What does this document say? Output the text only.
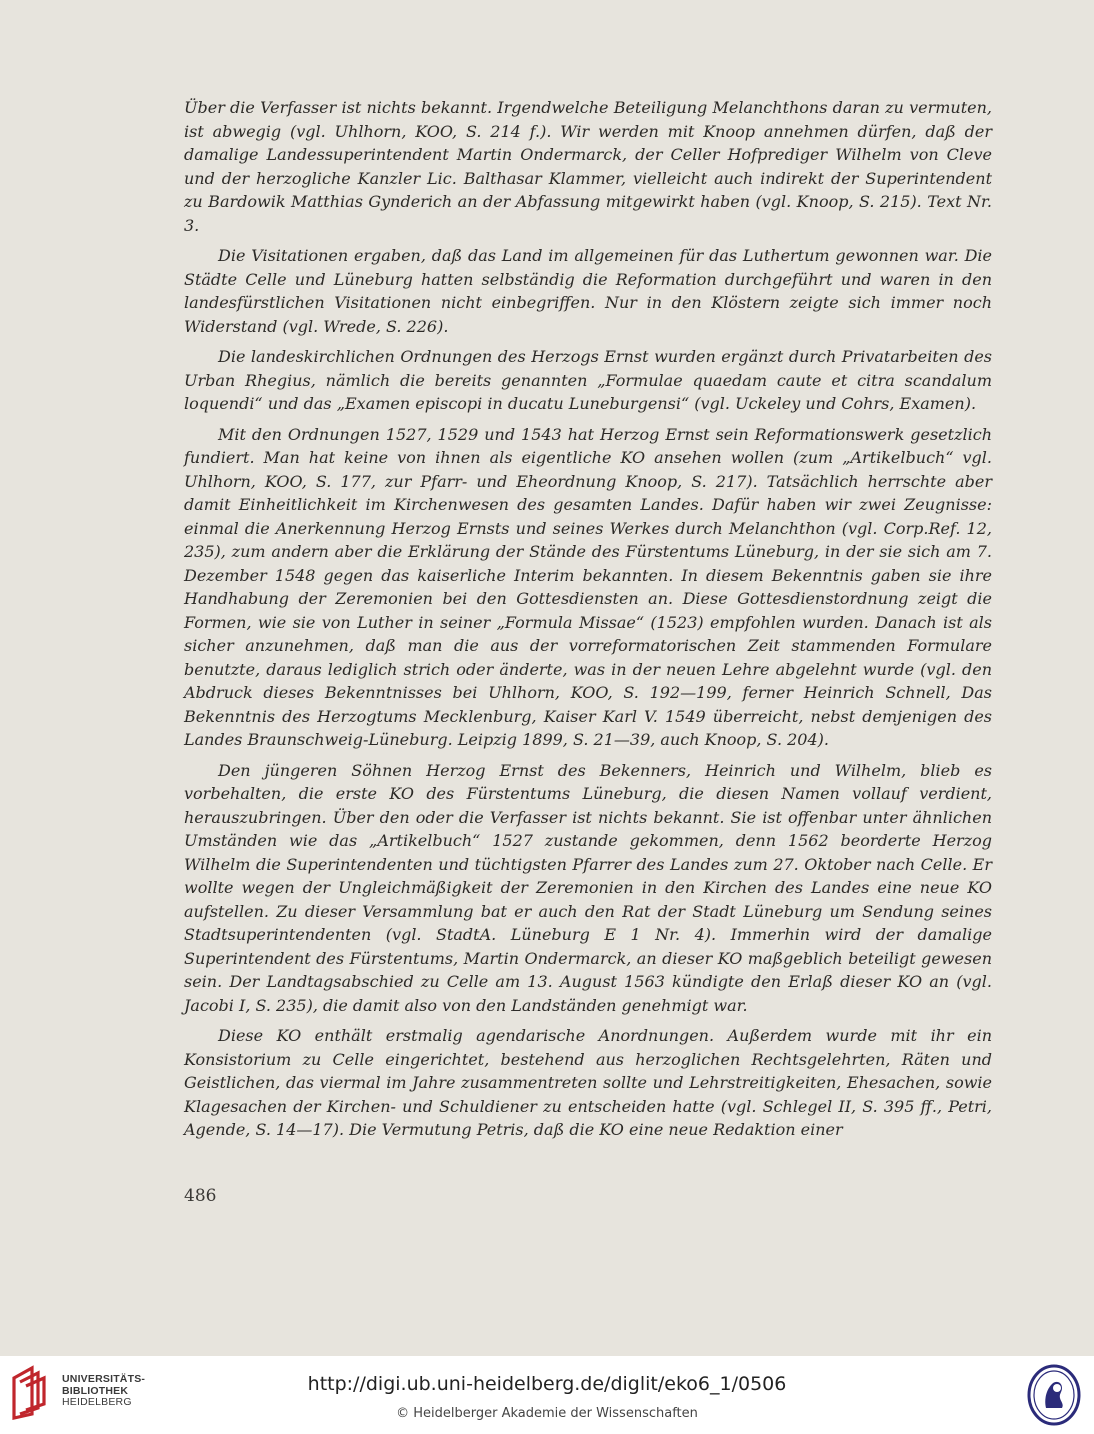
Über die Verfasser ist nichts bekannt. Irgendwelche Beteiligung Melanchthons daran zu vermuten, ist abwegig (vgl. Uhlhorn, KOO, S. 214 f.). Wir werden mit Knoop annehmen dürfen, daß der damalige Landessuperintendent Martin Ondermarck, der Celler Hofprediger Wilhelm von Cleve und der herzogliche Kanzler Lic. Balthasar Klammer, vielleicht auch indirekt der Superintendent zu Bardowik Matthias Gynderich an der Abfassung mitgewirkt haben (vgl. Knoop, S. 215). Text Nr. 3.

Die Visitationen ergaben, daß das Land im allgemeinen für das Luthertum gewonnen war. Die Städte Celle und Lüneburg hatten selbständig die Reformation durchgeführt und waren in den landesfürstlichen Visitationen nicht einbegriffen. Nur in den Klöstern zeigte sich immer noch Widerstand (vgl. Wrede, S. 226).

Die landeskirchlichen Ordnungen des Herzogs Ernst wurden ergänzt durch Privatarbeiten des Urban Rhegius, nämlich die bereits genannten „Formulae quaedam caute et citra scandalum loquendi“ und das „Examen episcopi in ducatu Luneburgensi“ (vgl. Uckeley und Cohrs, Examen).

Mit den Ordnungen 1527, 1529 und 1543 hat Herzog Ernst sein Reformationswerk gesetzlich fundiert. Man hat keine von ihnen als eigentliche KO ansehen wollen (zum „Artikelbuch“ vgl. Uhlhorn, KOO, S. 177, zur Pfarr- und Eheordnung Knoop, S. 217). Tatsächlich herrschte aber damit Einheitlichkeit im Kirchenwesen des gesamten Landes. Dafür haben wir zwei Zeugnisse: einmal die Anerkennung Herzog Ernsts und seines Werkes durch Melanchthon (vgl. Corp.Ref. 12, 235), zum andern aber die Erklärung der Stände des Fürstentums Lüneburg, in der sie sich am 7. Dezember 1548 gegen das kaiserliche Interim bekannten. In diesem Bekenntnis gaben sie ihre Handhabung der Zeremonien bei den Gottesdiensten an. Diese Gottesdienstordnung zeigt die Formen, wie sie von Luther in seiner „Formula Missae“ (1523) empfohlen wurden. Danach ist als sicher anzunehmen, daß man die aus der vorreformatorischen Zeit stammenden Formulare benutzte, daraus lediglich strich oder änderte, was in der neuen Lehre abgelehnt wurde (vgl. den Abdruck dieses Bekenntnisses bei Uhlhorn, KOO, S. 192—199, ferner Heinrich Schnell, Das Bekenntnis des Herzogtums Mecklenburg, Kaiser Karl V. 1549 überreicht, nebst demjenigen des Landes Braunschweig-Lüneburg. Leipzig 1899, S. 21—39, auch Knoop, S. 204).

Den jüngeren Söhnen Herzog Ernst des Bekenners, Heinrich und Wilhelm, blieb es vorbehalten, die erste KO des Fürstentums Lüneburg, die diesen Namen vollauf verdient, herauszubringen. Über den oder die Verfasser ist nichts bekannt. Sie ist offenbar unter ähnlichen Umständen wie das „Artikelbuch“ 1527 zustande gekommen, denn 1562 beorderte Herzog Wilhelm die Superintendenten und tüchtigsten Pfarrer des Landes zum 27. Oktober nach Celle. Er wollte wegen der Ungleichmäßigkeit der Zeremonien in den Kirchen des Landes eine neue KO aufstellen. Zu dieser Versammlung bat er auch den Rat der Stadt Lüneburg um Sendung seines Stadtsuperintendenten (vgl. StadtA. Lüneburg E 1 Nr. 4). Immerhin wird der damalige Superintendent des Fürstentums, Martin Ondermarck, an dieser KO maßgeblich beteiligt gewesen sein. Der Landtagsabschied zu Celle am 13. August 1563 kündigte den Erlaß dieser KO an (vgl. Jacobi I, S. 235), die damit also von den Landständen genehmigt war.

Diese KO enthält erstmalig agendarische Anordnungen. Außerdem wurde mit ihr ein Konsistorium zu Celle eingerichtet, bestehend aus herzoglichen Rechtsgelehrten, Räten und Geistlichen, das viermal im Jahre zusammentreten sollte und Lehrstreitigkeiten, Ehesachen, sowie Klagesachen der Kirchen- und Schuldiener zu entscheiden hatte (vgl. Schlegel II, S. 395 ff., Petri, Agende, S. 14—17). Die Vermutung Petris, daß die KO eine neue Redaktion einer

486
UNIVERSITÄTS-
BIBLIOTHEK
HEIDELBERG
http://digi.ub.uni-heidelberg.de/diglit/eko6_1/0506
© Heidelberger Akademie der Wissenschaften
